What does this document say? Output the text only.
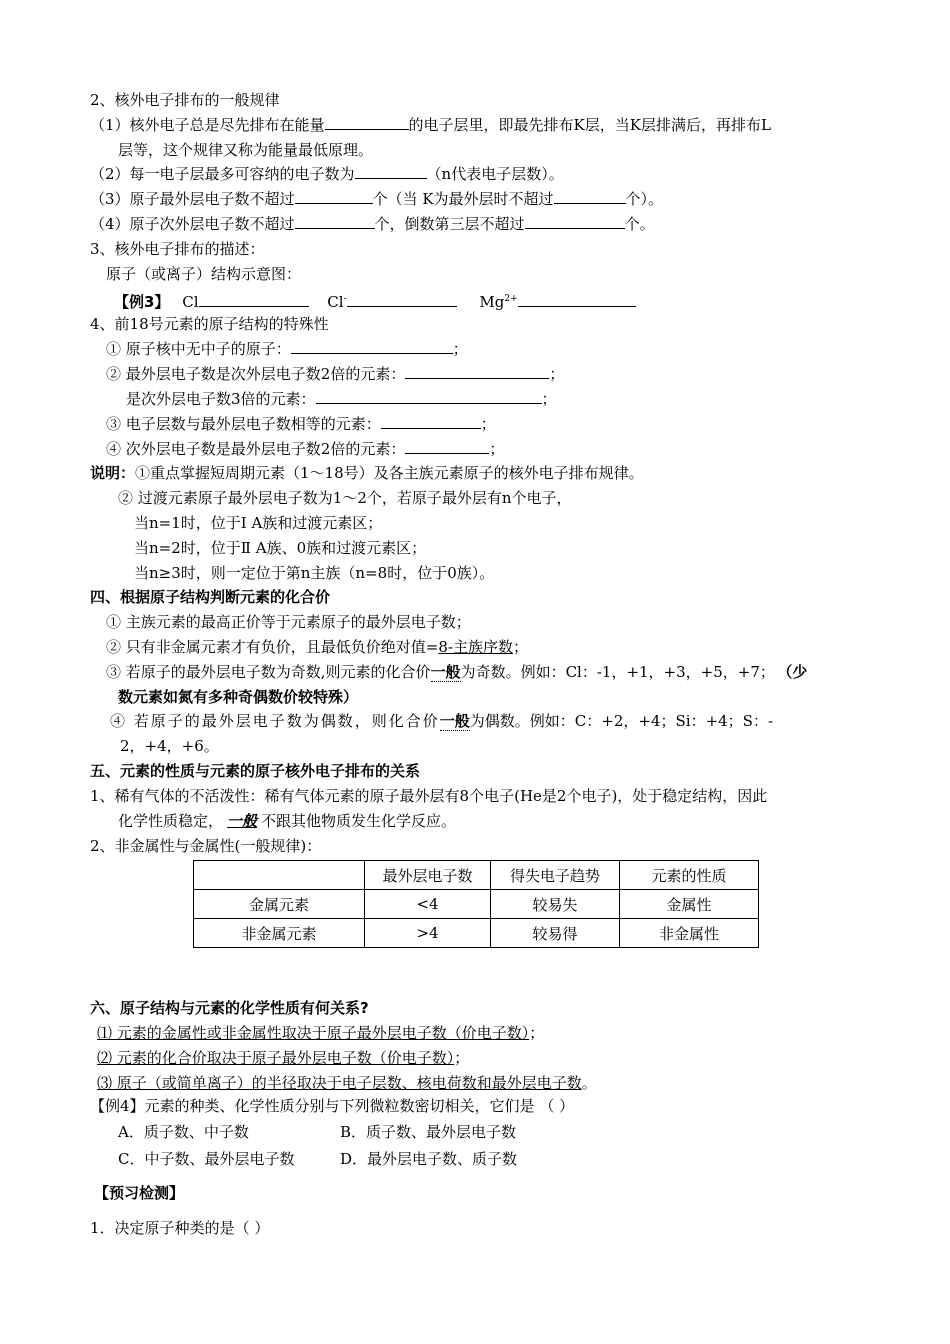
2、核外电子排布的一般规律
（1）核外电子总是尽先排布在能量	的电子层里，即最先排布K层，当K层排满后，再排布L
层等，这个规律又称为能量最低原理。
（2）每一电子层最多可容纳的电子数为	（n代表电子层数）。
（3）原子最外层电子数不超过	个（当 K为最外层时不超过	个）。
（4）原子次外层电子数不超过	个，倒数第三层不超过	个。
3、核外电子排布的描述：
原子（或离子）结构示意图：
【例3】 Cl	Cl-	$Mg^{2+}$
4、前18号元素的原子结构的特殊性
① 原子核中无中子的原子：	；
② 最外层电子数是次外层电子数2倍的元素：	；
是次外层电子数3倍的元素：	；
③ 电子层数与最外层电子数相等的元素：	；
④ 次外层电子数是最外层电子数2倍的元素：	；
说明：①重点掌握短周期元素（1～18号）及各主族元素原子的核外电子排布规律。
② 过渡元素原子最外层电子数为1～2个，若原子最外层有n个电子，
当n=1时，位于Ⅰ A族和过渡元素区；
当n=2时，位于Ⅱ A族、0族和过渡元素区；
当n≥3时，则一定位于第n主族（n=8时，位于0族）。
四、根据原子结构判断元素的化合价
① 主族元素的最高正价等于元素原子的最外层电子数；
② 只有非金属元素才有负价，且最低负价绝对值=8-主族序数；
③ 若原子的最外层电子数为奇数,则元素的化合价一般为奇数。例如：Cl：-1，+1，+3，+5，+7； （少
数元素如氮有多种奇偶数价较特殊）
④ 若原子的最外层电子数为偶数，则化合价一般为偶数。例如：C：+2，+4；Si：+4；S：-
2，+4，+6。
五、元素的性质与元素的原子核外电子排布的关系
1、稀有气体的不活泼性：稀有气体元素的原子最外层有8个电子(He是2个电子)，处于稳定结构，因此
化学性质稳定， 一般 不跟其他物质发生化学反应。
2、非金属性与金属性(一般规律)：
	最外层电子数	得失电子趋势	元素的性质
金属元素	<4	较易失	金属性
非金属元素	>4	较易得	非金属性
六、原子结构与元素的化学性质有何关系?
⑴ 元素的金属性或非金属性取决于原子最外层电子数（价电子数）；
⑵ 元素的化合价取决于原子最外层电子数（价电子数）；
⑶ 原子（或简单离子）的半径取决于电子层数、核电荷数和最外层电子数。
【例4】元素的种类、化学性质分别与下列微粒数密切相关，它们是 （ ）
A．质子数、中子数	B．质子数、最外层电子数
C．中子数、最外层电子数	D．最外层电子数、质子数
【预习检测】
1．决定原子种类的是（ ）
